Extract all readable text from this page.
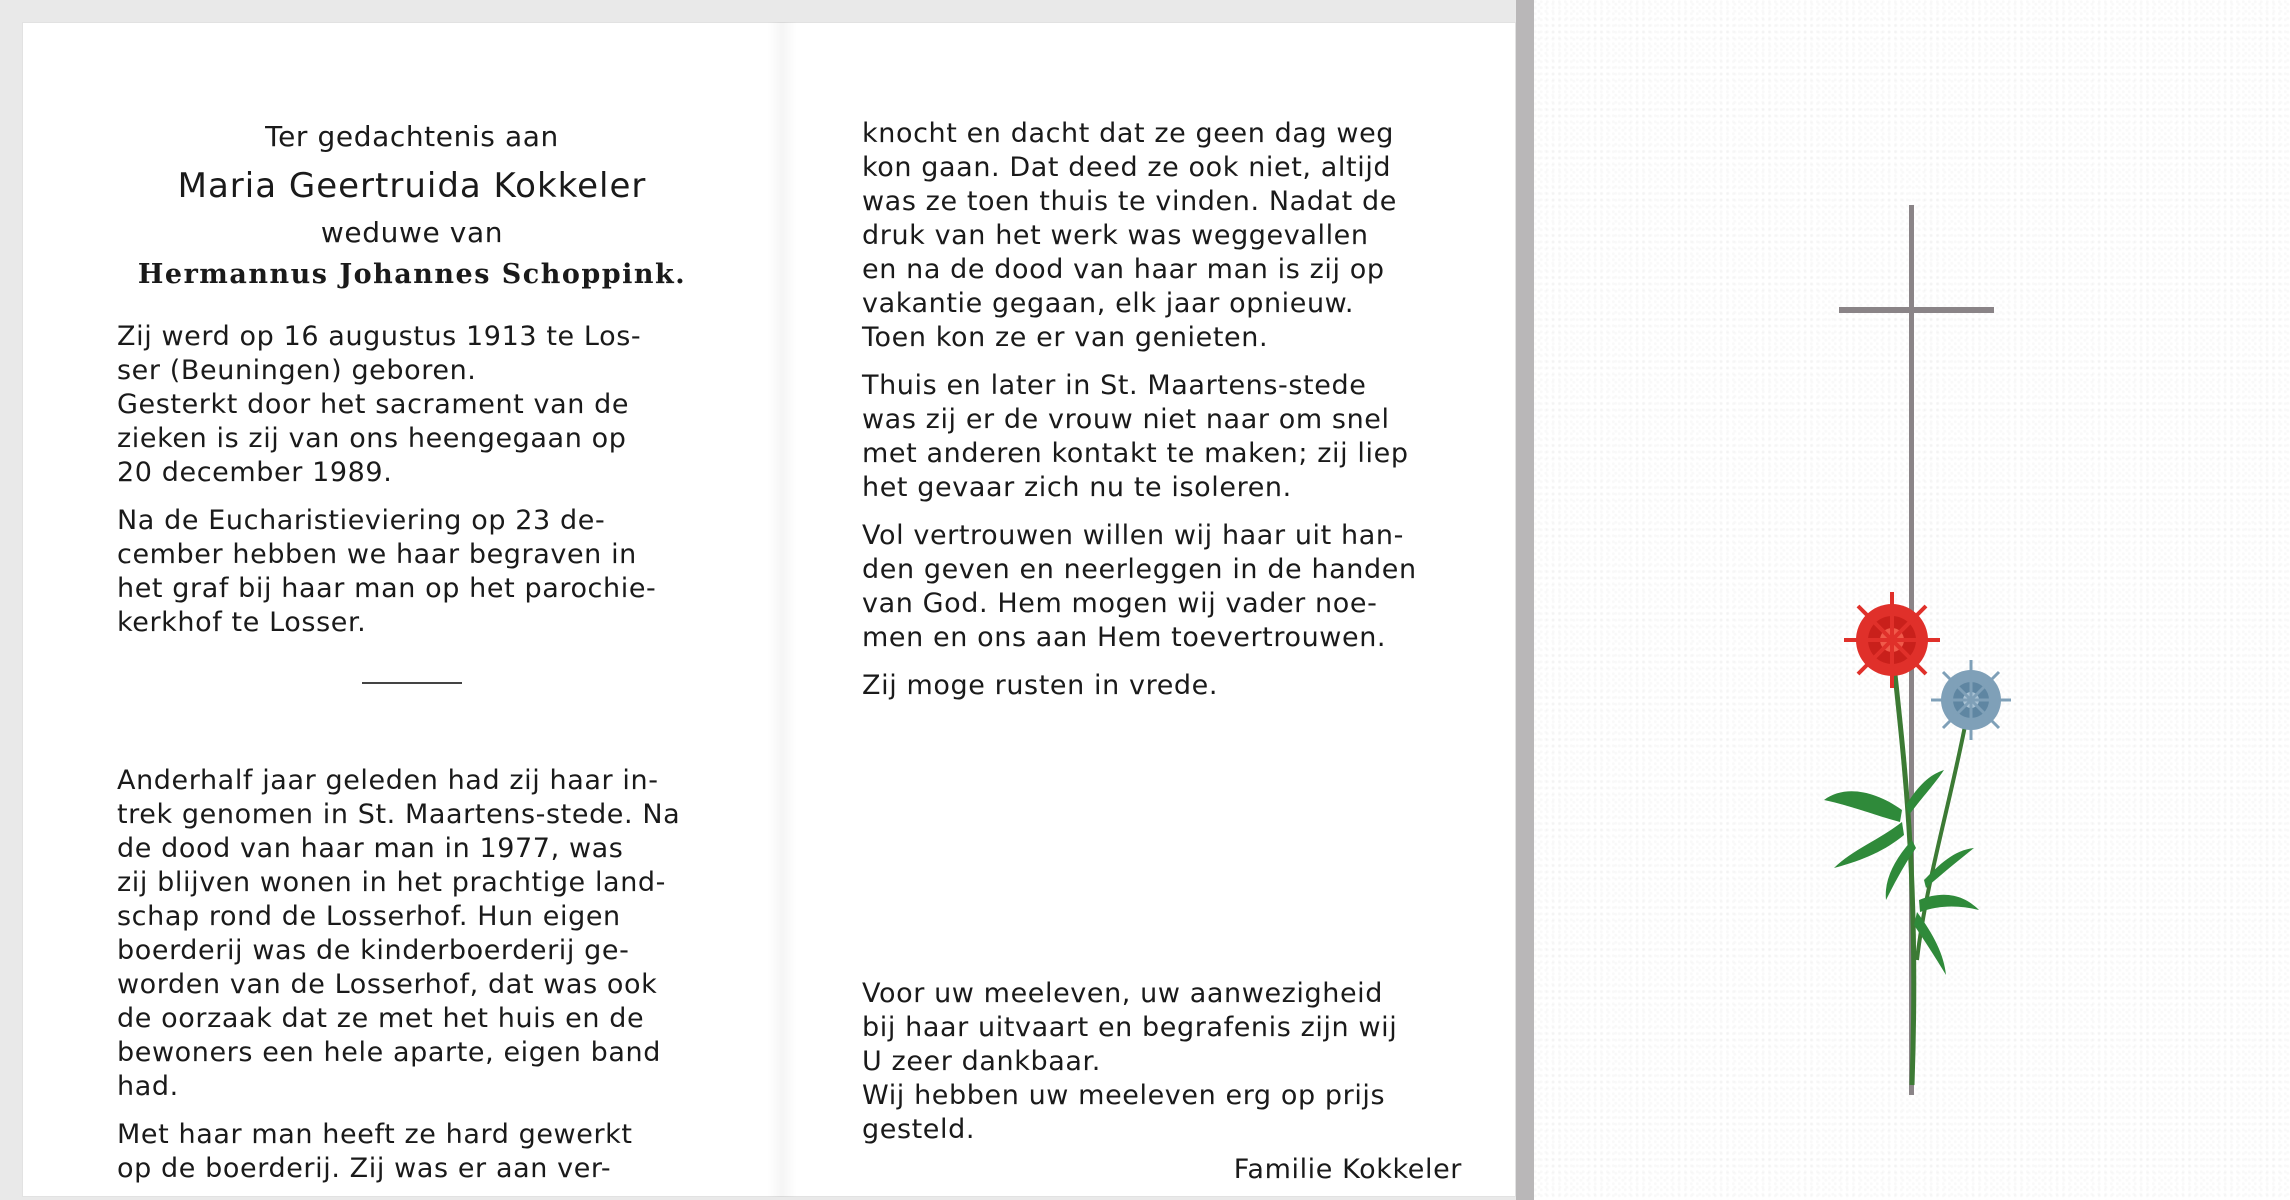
Ter gedachtenis aan
Maria Geertruida Kokkeler
weduwe van
Hermannus Johannes Schoppink.

Zij werd op 16 augustus 1913 te Los-
ser (Beuningen) geboren.
Gesterkt door het sacrament van de
zieken is zij van ons heengegaan op
20 december 1989.

Na de Eucharistieviering op 23 de-
cember hebben we haar begraven in
het graf bij haar man op het parochie-
kerkhof te Losser.

Anderhalf jaar geleden had zij haar in-
trek genomen in St. Maartens-stede. Na
de dood van haar man in 1977, was
zij blijven wonen in het prachtige land-
schap rond de Losserhof. Hun eigen
boerderij was de kinderboerderij ge-
worden van de Losserhof, dat was ook
de oorzaak dat ze met het huis en de
bewoners een hele aparte, eigen band
had.

Met haar man heeft ze hard gewerkt
op de boerderij. Zij was er aan ver-

knocht en dacht dat ze geen dag weg
kon gaan. Dat deed ze ook niet, altijd
was ze toen thuis te vinden. Nadat de
druk van het werk was weggevallen
en na de dood van haar man is zij op
vakantie gegaan, elk jaar opnieuw.
Toen kon ze er van genieten.

Thuis en later in St. Maartens-stede
was zij er de vrouw niet naar om snel
met anderen kontakt te maken; zij liep
het gevaar zich nu te isoleren.

Vol vertrouwen willen wij haar uit han-
den geven en neerleggen in de handen
van God. Hem mogen wij vader noe-
men en ons aan Hem toevertrouwen.

Zij moge rusten in vrede.

Voor uw meeleven, uw aanwezigheid
bij haar uitvaart en begrafenis zijn wij
U zeer dankbaar.
Wij hebben uw meeleven erg op prijs
gesteld.

Familie Kokkeler
